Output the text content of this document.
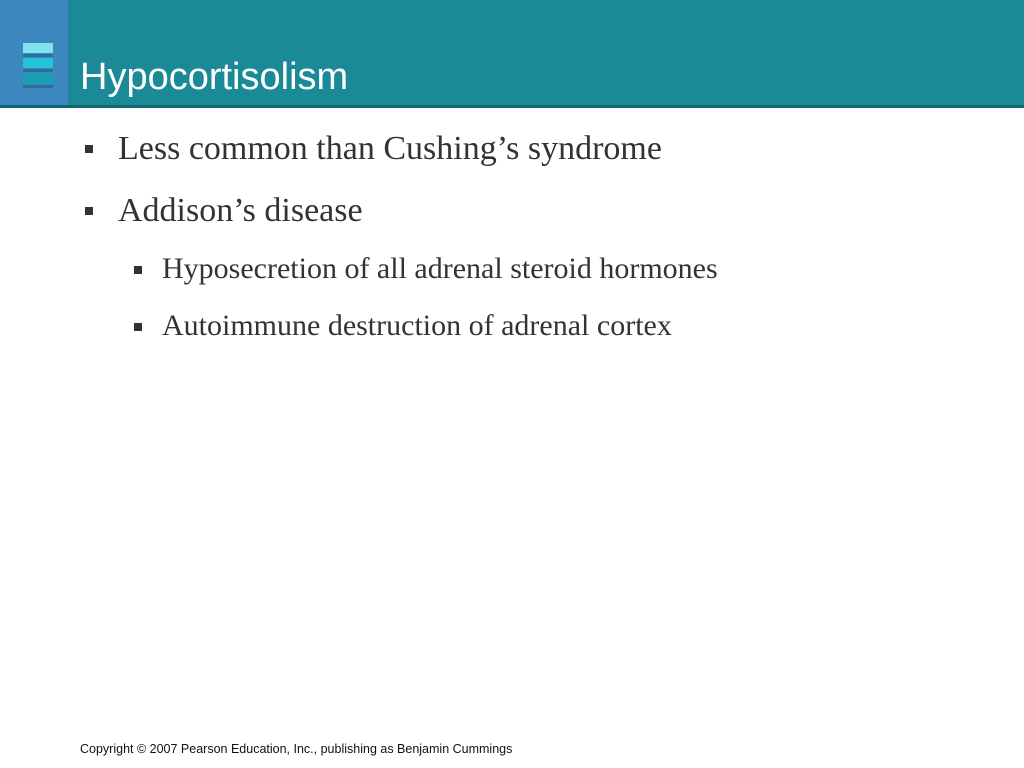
Hypocortisolism
Less common than Cushing’s syndrome
Addison’s disease
Hyposecretion of all adrenal steroid hormones
Autoimmune destruction of adrenal cortex
Copyright © 2007 Pearson Education, Inc., publishing as Benjamin Cummings
